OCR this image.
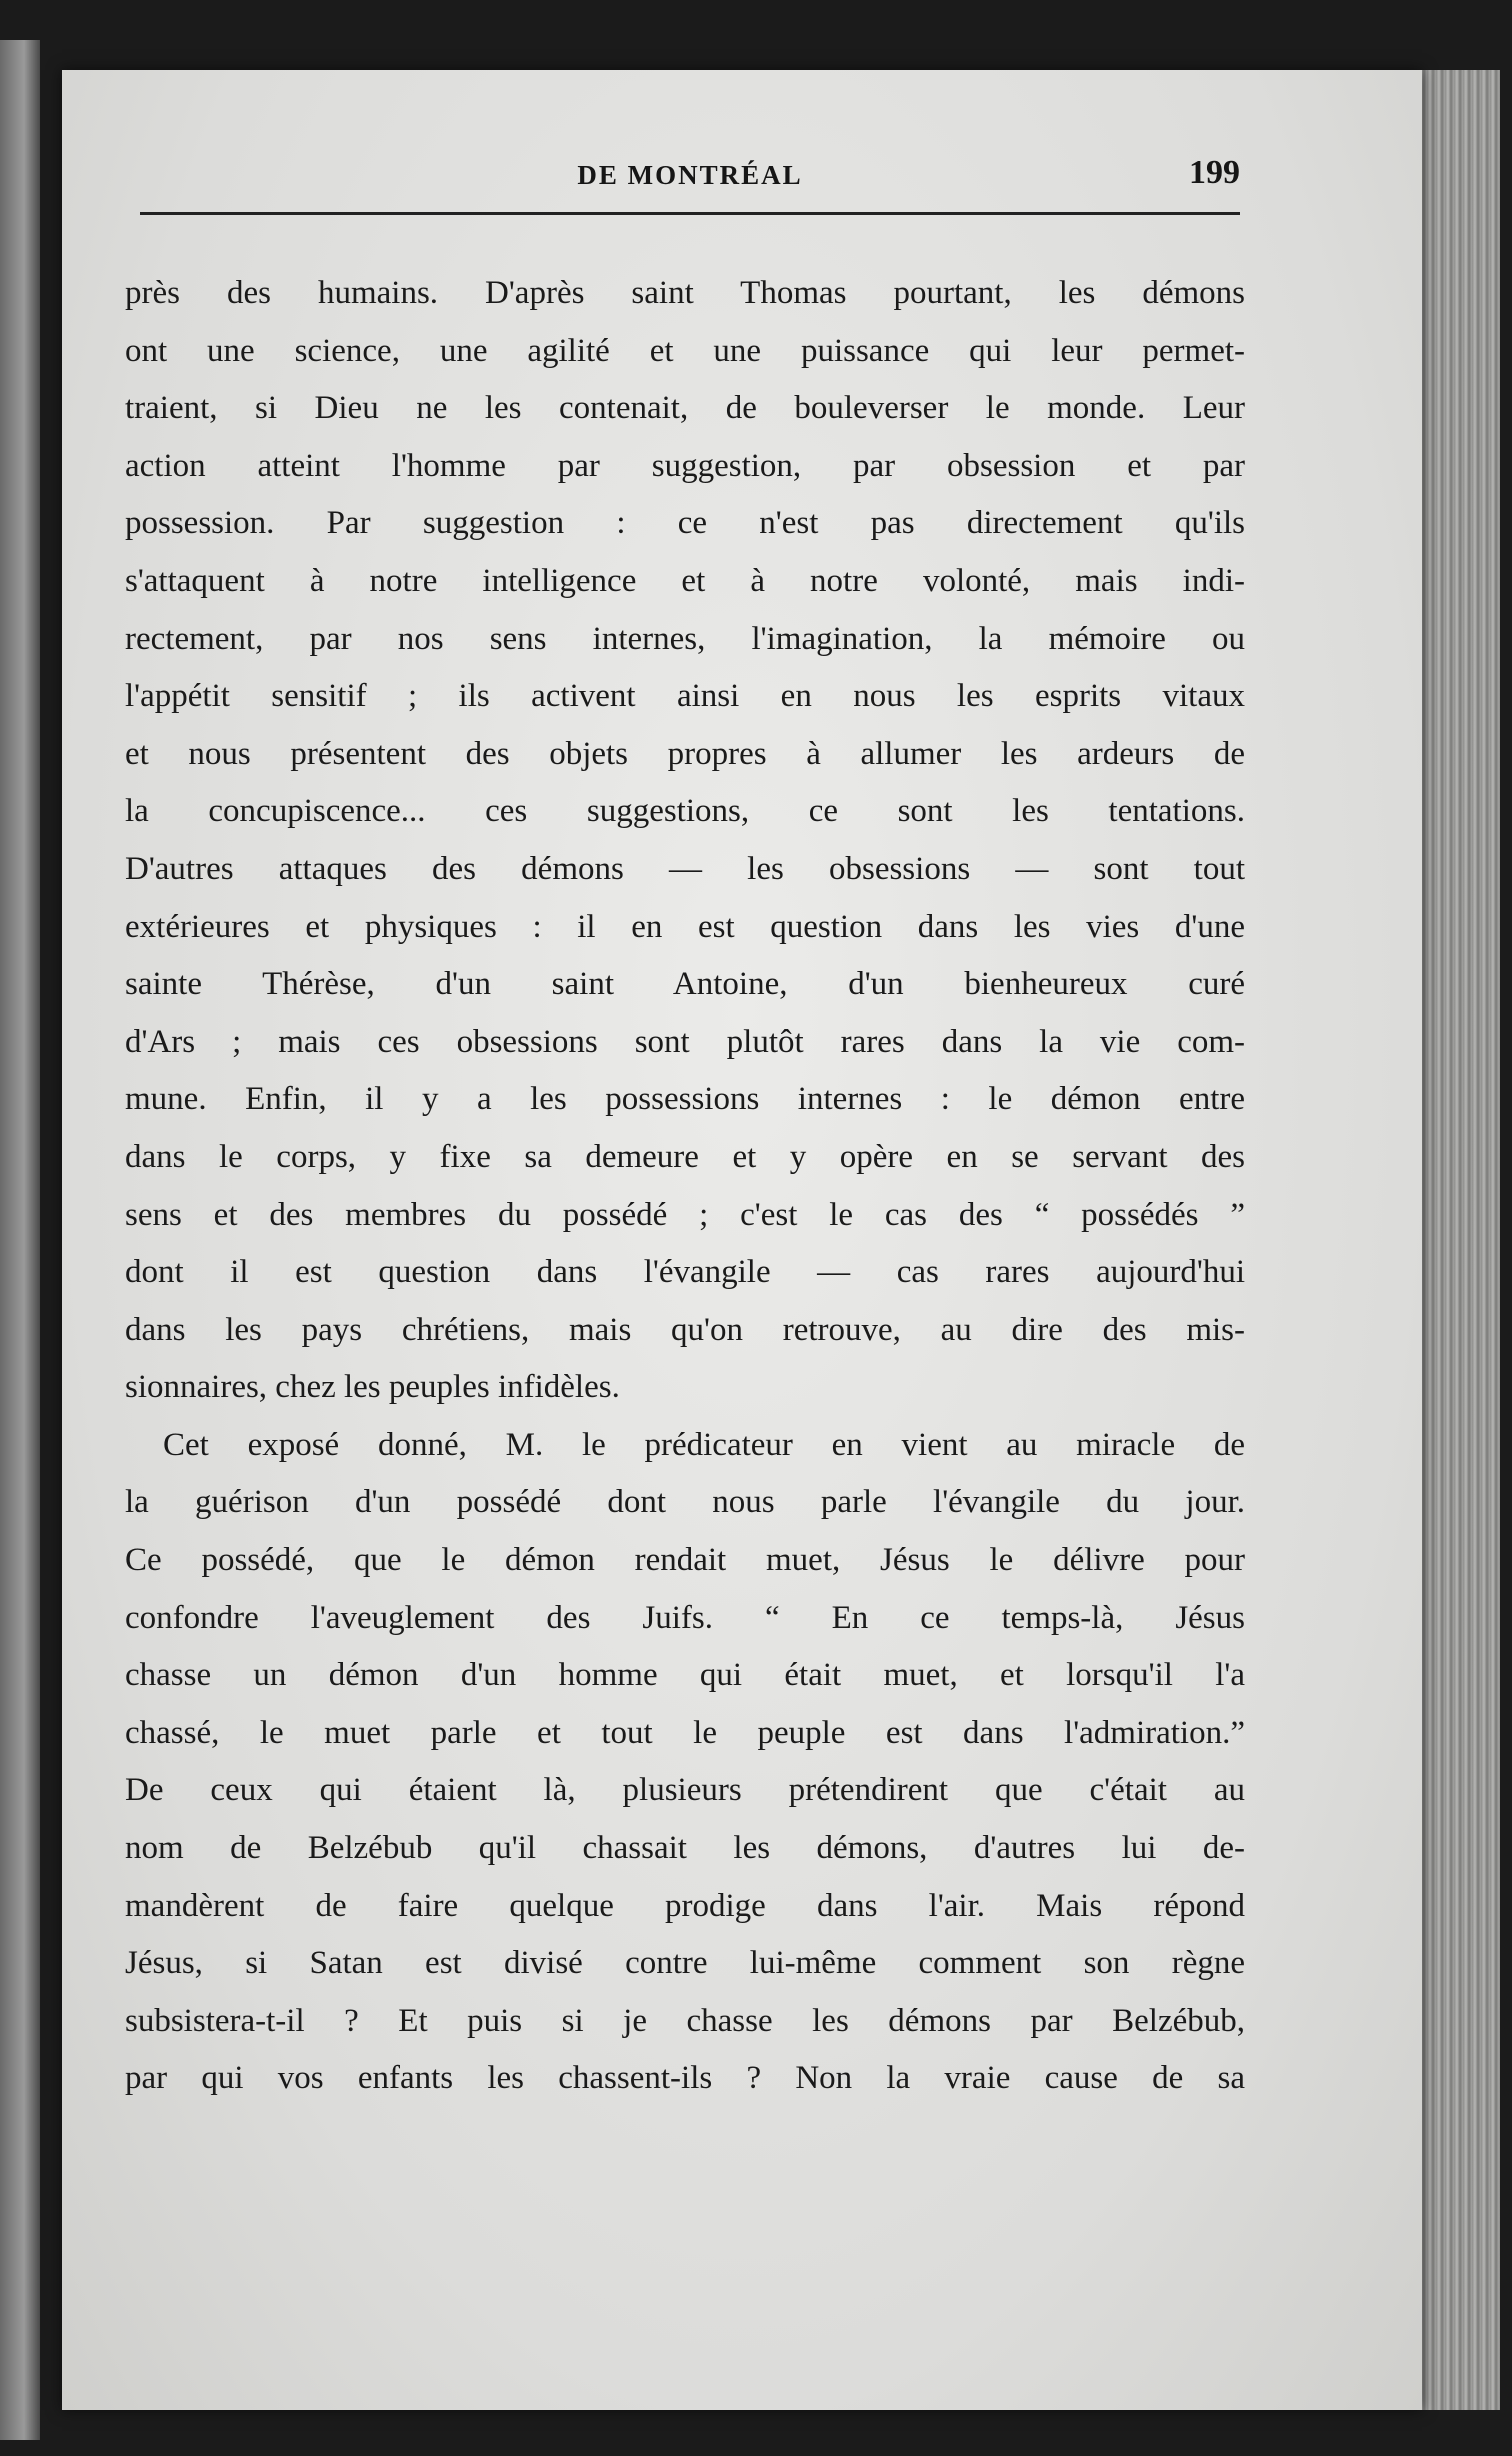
DE MONTRÉAL	199
près des humains. D'après saint Thomas pourtant, les démons
ont une science, une agilité et une puissance qui leur permet-
traient, si Dieu ne les contenait, de bouleverser le monde. Leur
action atteint l'homme par suggestion, par obsession et par
possession. Par suggestion : ce n'est pas directement qu'ils
s'attaquent à notre intelligence et à notre volonté, mais indi-
rectement, par nos sens internes, l'imagination, la mémoire ou
l'appétit sensitif ; ils activent ainsi en nous les esprits vitaux
et nous présentent des objets propres à allumer les ardeurs de
la concupiscence... ces suggestions, ce sont les tentations.
D'autres attaques des démons — les obsessions — sont tout
extérieures et physiques : il en est question dans les vies d'une
sainte Thérèse, d'un saint Antoine, d'un bienheureux curé
d'Ars ; mais ces obsessions sont plutôt rares dans la vie com-
mune. Enfin, il y a les possessions internes : le démon entre
dans le corps, y fixe sa demeure et y opère en se servant des
sens et des membres du possédé ; c'est le cas des “ possédés ”
dont il est question dans l'évangile — cas rares aujourd'hui
dans les pays chrétiens, mais qu'on retrouve, au dire des mis-
sionnaires, chez les peuples infidèles.
Cet exposé donné, M. le prédicateur en vient au miracle de
la guérison d'un possédé dont nous parle l'évangile du jour.
Ce possédé, que le démon rendait muet, Jésus le délivre pour
confondre l'aveuglement des Juifs. “ En ce temps-là, Jésus
chasse un démon d'un homme qui était muet, et lorsqu'il l'a
chassé, le muet parle et tout le peuple est dans l'admiration.”
De ceux qui étaient là, plusieurs prétendirent que c'était au
nom de Belzébub qu'il chassait les démons, d'autres lui de-
mandèrent de faire quelque prodige dans l'air. Mais répond
Jésus, si Satan est divisé contre lui-même comment son règne
subsistera-t-il ? Et puis si je chasse les démons par Belzébub,
par qui vos enfants les chassent-ils ? Non la vraie cause de sa
